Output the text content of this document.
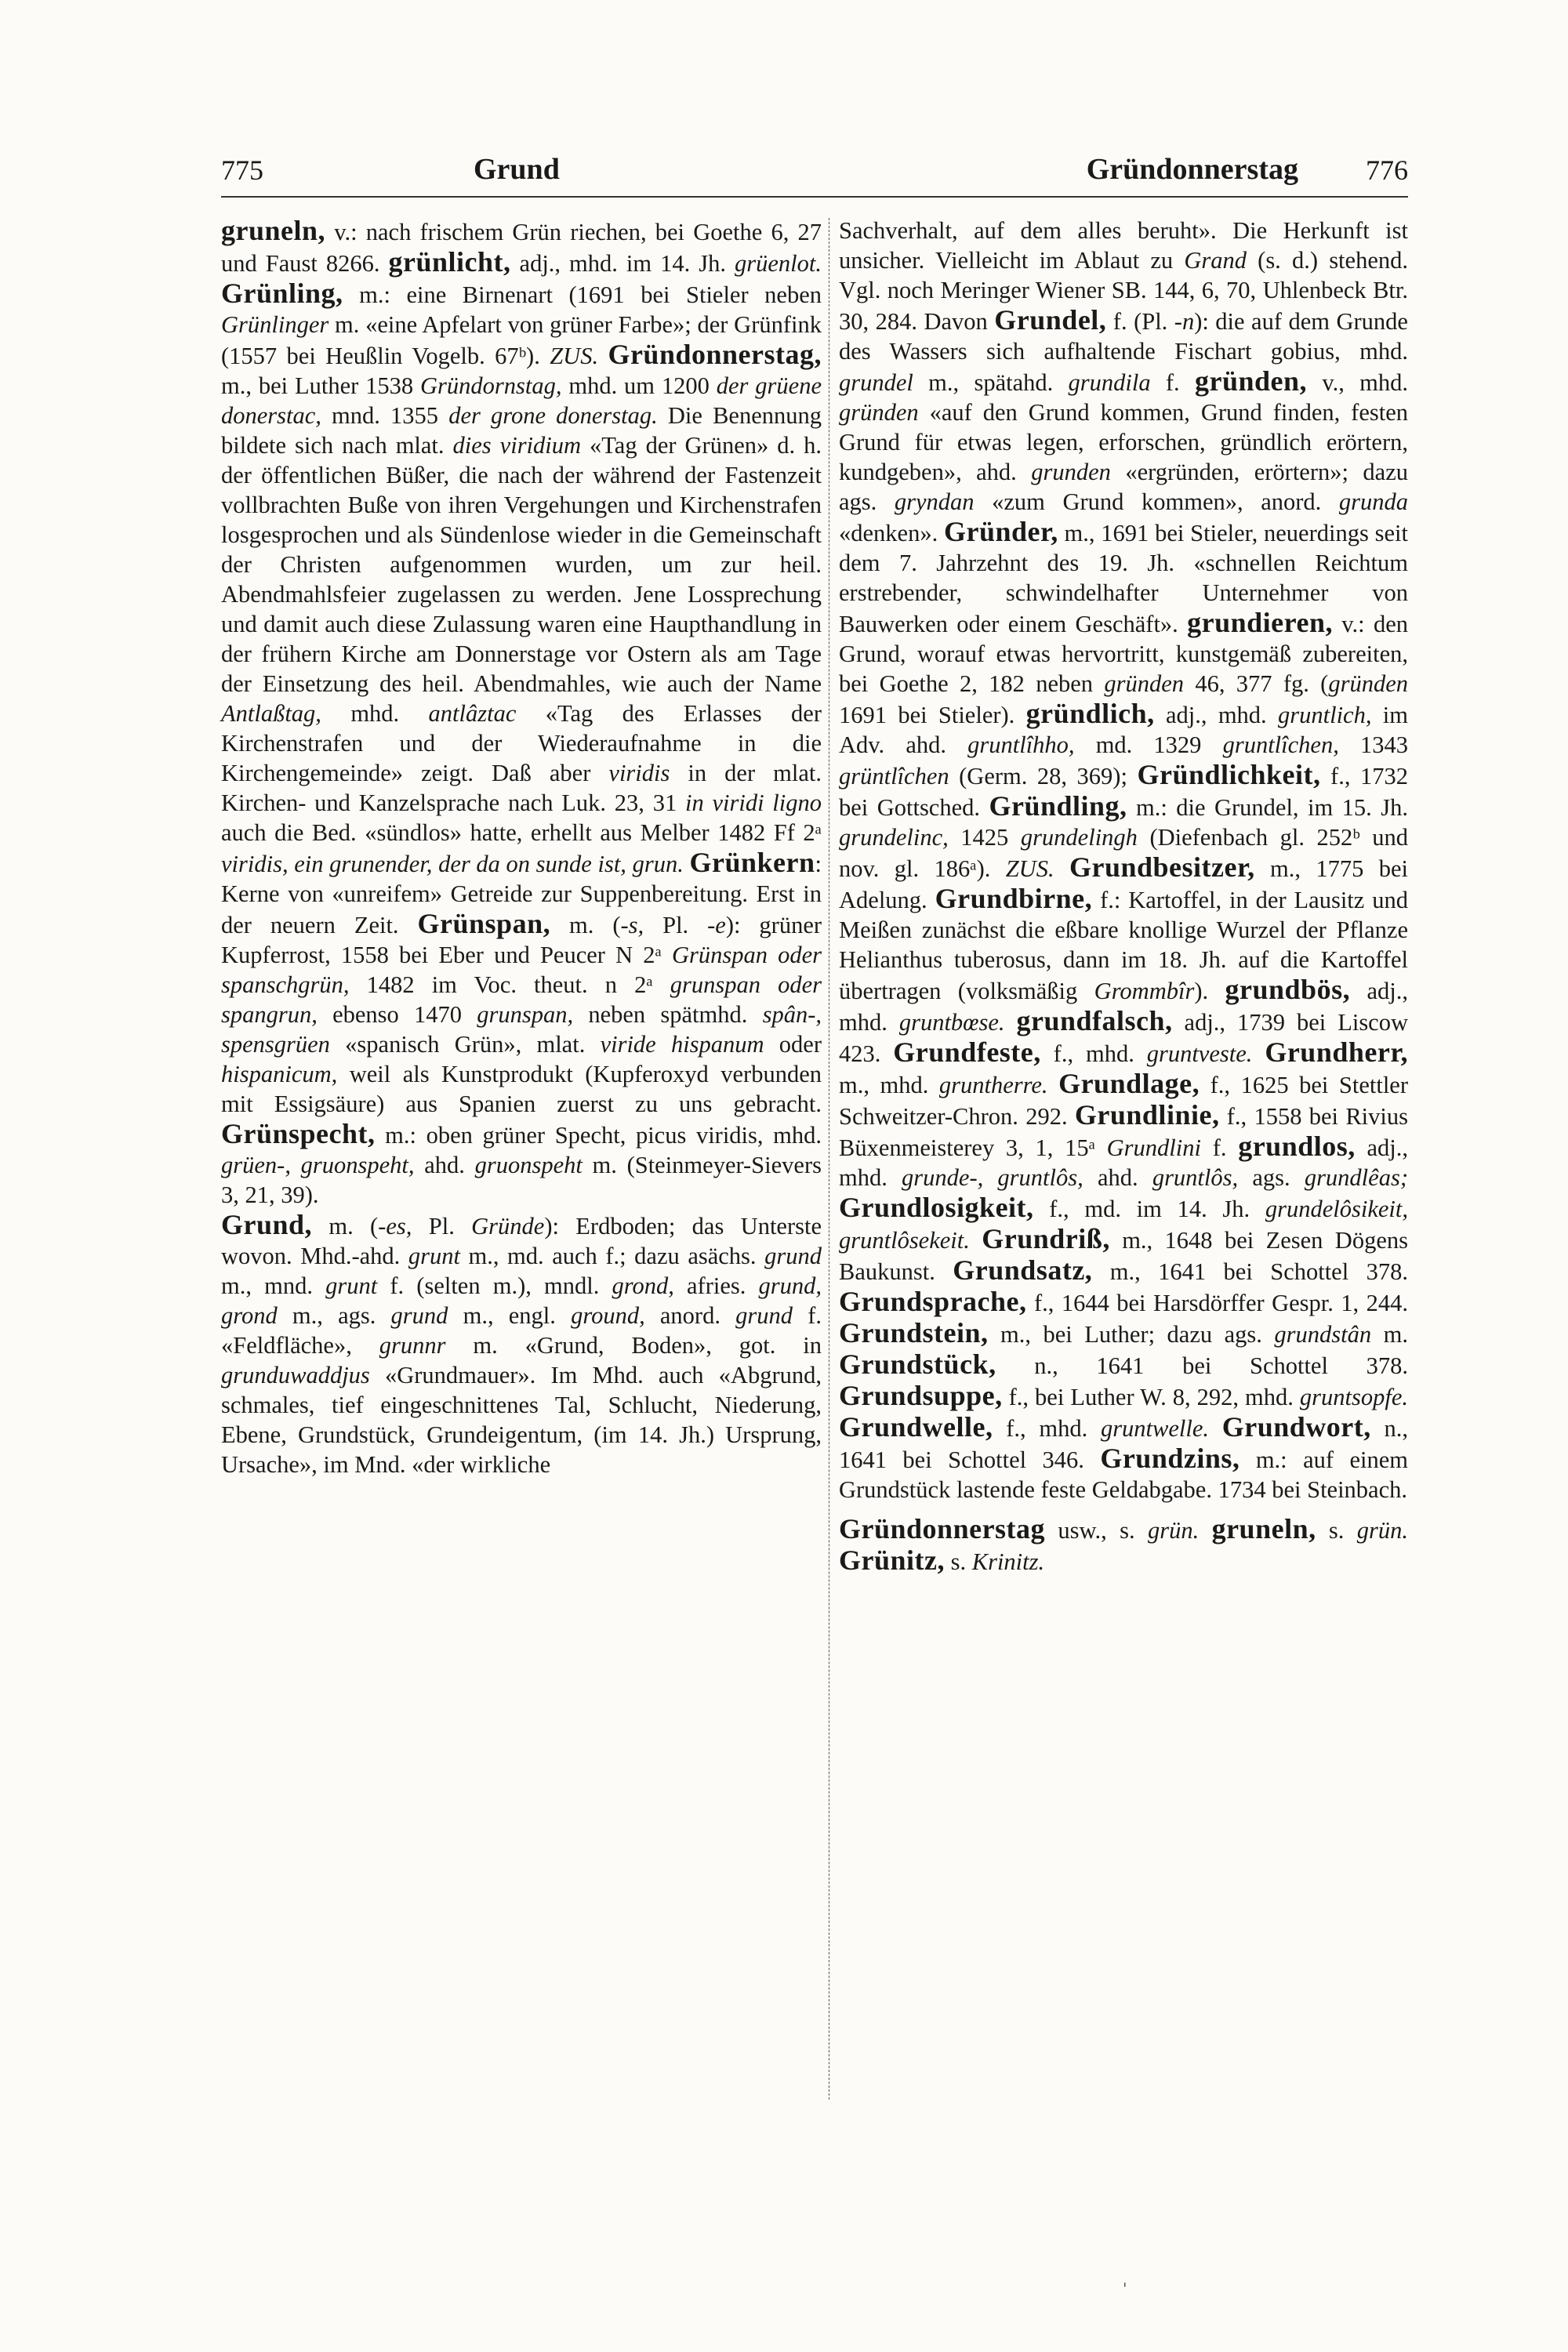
775	Grund	Gründonnerstag 776

gruneln, v.: nach frischem Grün riechen, bei Goethe 6, 27 und Faust 8266. grünlicht, adj., mhd. im 14. Jh. grüenlot. Grünling, m.: eine Birnenart (1691 bei Stieler neben Grünlinger m. «eine Apfelart von grüner Farbe»; der Grünfink (1557 bei Heußlin Vogelb. 67ᵇ). ZUS. Gründonnerstag, m., bei Luther 1538 Gründornstag, mhd. um 1200 der grüene donerstac, mnd. 1355 der grone donerstag. Die Benennung bildete sich nach mlat. dies viridium «Tag der Grünen» d. h. der öffentlichen Büßer, die nach der während der Fastenzeit vollbrachten Buße von ihren Vergehungen und Kirchenstrafen losgesprochen und als Sündenlose wieder in die Gemeinschaft der Christen aufgenommen wurden, um zur heil. Abendmahlsfeier zugelassen zu werden. Jene Lossprechung und damit auch diese Zulassung waren eine Haupthandlung in der frühern Kirche am Donnerstage vor Ostern als am Tage der Einsetzung des heil. Abendmahles, wie auch der Name Antlaßtag, mhd. antlâztac «Tag des Erlasses der Kirchenstrafen und der Wiederaufnahme in die Kirchengemeinde» zeigt. Daß aber viridis in der mlat. Kirchen- und Kanzelsprache nach Luk. 23, 31 in viridi ligno auch die Bed. «sündlos» hatte, erhellt aus Melber 1482 Ff 2ᵃ viridis, ein grunender, der da on sunde ist, grun. Grünkern: Kerne von «unreifem» Getreide zur Suppenbereitung. Erst in der neuern Zeit. Grünspan, m. (-s, Pl. -e): grüner Kupferrost, 1558 bei Eber und Peucer N 2ᵃ Grünspan oder spanschgrün, 1482 im Voc. theut. n 2ᵃ grunspan oder spangrun, ebenso 1470 grunspan, neben spätmhd. spân-, spensgrüen «spanisch Grün», mlat. viride hispanum oder hispanicum, weil als Kunstprodukt (Kupferoxyd verbunden mit Essigsäure) aus Spanien zuerst zu uns gebracht. Grünspecht, m.: oben grüner Specht, picus viridis, mhd. grüen-, gruonspeht, ahd. gruonspeht m. (Steinmeyer-Sievers 3, 21, 39).

Grund, m. (-es, Pl. Gründe): Erdboden; das Unterste wovon. Mhd.-ahd. grunt m., md. auch f.; dazu asächs. grund m., mnd. grunt f. (selten m.), mndl. grond, afries. grund, grond m., ags. grund m., engl. ground, anord. grund f. «Feldfläche», grunnr m. «Grund, Boden», got. in grunduwaddjus «Grundmauer». Im Mhd. auch «Abgrund, schmales, tief eingeschnittenes Tal, Schlucht, Niederung, Ebene, Grundstück, Grundeigentum, (im 14. Jh.) Ursprung, Ursache», im Mnd. «der wirkliche

Sachverhalt, auf dem alles beruht». Die Herkunft ist unsicher. Vielleicht im Ablaut zu Grand (s. d.) stehend. Vgl. noch Meringer Wiener SB. 144, 6, 70, Uhlenbeck Btr. 30, 284. Davon Grundel, f. (Pl. -n): die auf dem Grunde des Wassers sich aufhaltende Fischart gobius, mhd. grundel m., spätahd. grundila f. gründen, v., mhd. gründen «auf den Grund kommen, Grund finden, festen Grund für etwas legen, erforschen, gründlich erörtern, kundgeben», ahd. grunden «ergründen, erörtern»; dazu ags. gryndan «zum Grund kommen», anord. grunda «denken». Gründer, m., 1691 bei Stieler, neuerdings seit dem 7. Jahrzehnt des 19. Jh. «schnellen Reichtum erstrebender, schwindelhafter Unternehmer von Bauwerken oder einem Geschäft». grundieren, v.: den Grund, worauf etwas hervortritt, kunstgemäß zubereiten, bei Goethe 2, 182 neben gründen 46, 377 fg. (gründen 1691 bei Stieler). gründlich, adj., mhd. gruntlich, im Adv. ahd. gruntlîhho, md. 1329 gruntlîchen, 1343 grüntlîchen (Germ. 28, 369); Gründlichkeit, f., 1732 bei Gottsched. Gründling, m.: die Grundel, im 15. Jh. grundelinc, 1425 grundelingh (Diefenbach gl. 252ᵇ und nov. gl. 186ᵃ). ZUS. Grundbesitzer, m., 1775 bei Adelung. Grundbirne, f.: Kartoffel, in der Lausitz und Meißen zunächst die eßbare knollige Wurzel der Pflanze Helianthus tuberosus, dann im 18. Jh. auf die Kartoffel übertragen (volksmäßig Grommbîr). grundbös, adj., mhd. gruntbœse. grundfalsch, adj., 1739 bei Liscow 423. Grundfeste, f., mhd. gruntveste. Grundherr, m., mhd. gruntherre. Grundlage, f., 1625 bei Stettler Schweitzer-Chron. 292. Grundlinie, f., 1558 bei Rivius Büxenmeisterey 3, 1, 15ᵃ Grundlini f. grundlos, adj., mhd. grunde-, gruntlôs, ahd. gruntlôs, ags. grundlêas; Grundlosigkeit, f., md. im 14. Jh. grundelôsikeit, gruntlôsekeit. Grundriß, m., 1648 bei Zesen Dögens Baukunst. Grundsatz, m., 1641 bei Schottel 378. Grundsprache, f., 1644 bei Harsdörffer Gespr. 1, 244. Grundstein, m., bei Luther; dazu ags. grundstân m. Grundstück, n., 1641 bei Schottel 378. Grundsuppe, f., bei Luther W. 8, 292, mhd. gruntsopfe. Grundwelle, f., mhd. gruntwelle. Grundwort, n., 1641 bei Schottel 346. Grundzins, m.: auf einem Grundstück lastende feste Geldabgabe. 1734 bei Steinbach.

Gründonnerstag usw., s. grün. gruneln, s. grün. Grünitz, s. Krinitz.

'
